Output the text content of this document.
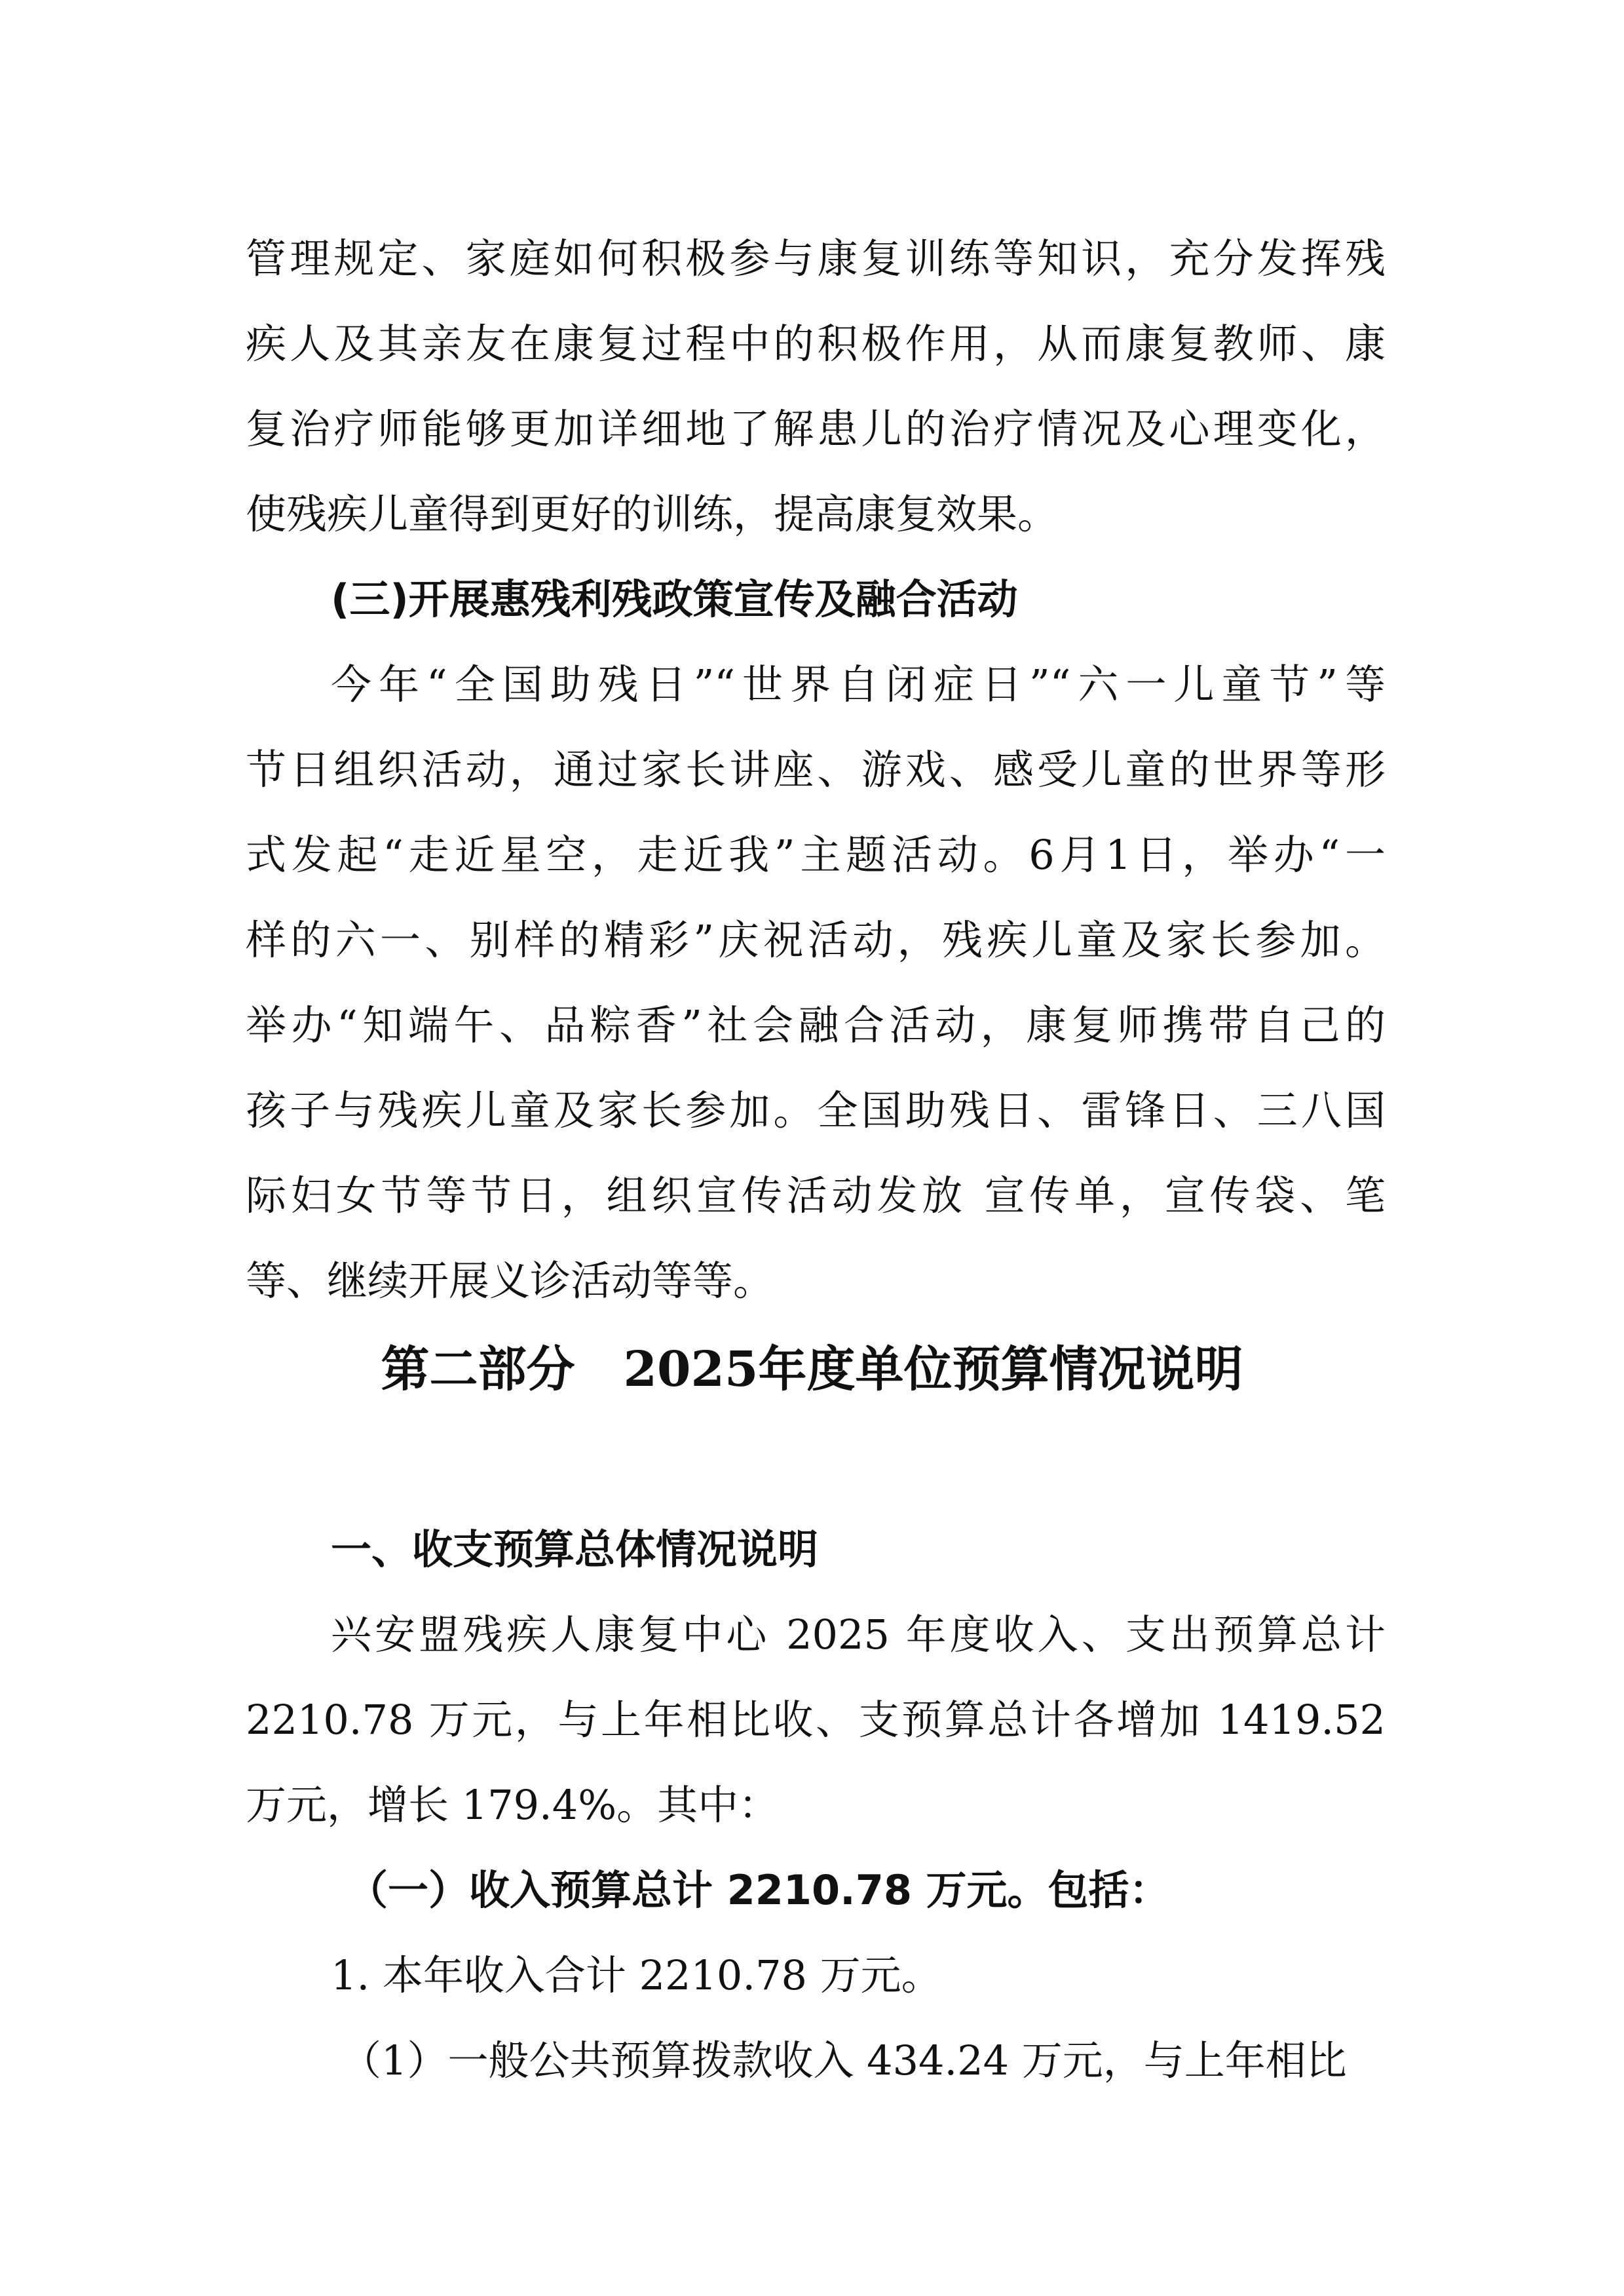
管理规定、家庭如何积极参与康复训练等知识，充分发挥残
疾人及其亲友在康复过程中的积极作用，从而康复教师、康
复治疗师能够更加详细地了解患儿的治疗情况及心理变化，
使残疾儿童得到更好的训练，提高康复效果。
(三)开展惠残利残政策宣传及融合活动
今年“全国助残日”“世界自闭症日”“六一儿童节”等
节日组织活动，通过家长讲座、游戏、感受儿童的世界等形
式发起“走近星空，走近我”主题活动。6月1日，举办“一
样的六一、别样的精彩”庆祝活动，残疾儿童及家长参加。
举办“知端午、品粽香”社会融合活动，康复师携带自己的
孩子与残疾儿童及家长参加。全国助残日、雷锋日、三八国
际妇女节等节日，组织宣传活动发放 宣传单，宣传袋、笔
等、继续开展义诊活动等等。
第二部分　2025年度单位预算情况说明
一、收支预算总体情况说明
兴安盟残疾人康复中心 2025 年度收入、支出预算总计
2210.78 万元，与上年相比收、支预算总计各增加 1419.52
万元，增长 179.4%。其中：
（一）收入预算总计 2210.78 万元。包括：
1. 本年收入合计 2210.78 万元。
（1）一般公共预算拨款收入 434.24 万元，与上年相比
